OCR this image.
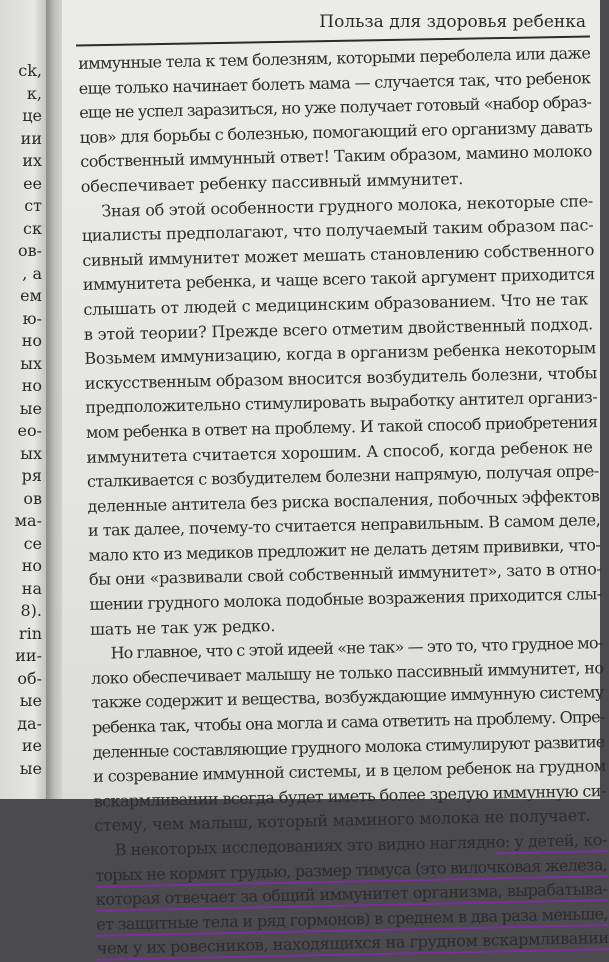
ck,
к,
це
ии
их
ее
ст
ск
ов-
, а
ем
ю-
но
ых
но
ые
ео-
ых
ря
ов
ма-
се
но
на
8).
rin
ии-
об-
ые
да-
ие
ые
Польза для здоровья ребенка
иммунные тела к тем болезням, которыми переболела или даже
еще только начинает болеть мама — случается так, что ребенок
еще не успел заразиться, но уже получает готовый «набор образ-
цов» для борьбы с болезнью, помогающий его организму давать
собственный иммунный ответ! Таким образом, мамино молоко
обеспечивает ребенку пассивный иммунитет.
Зная об этой особенности грудного молока, некоторые спе-
циалисты предполагают, что получаемый таким образом пас-
сивный иммунитет может мешать становлению собственного
иммунитета ребенка, и чаще всего такой аргумент приходится
слышать от людей с медицинским образованием. Что не так
в этой теории? Прежде всего отметим двойственный подход.
Возьмем иммунизацию, когда в организм ребенка некоторым
искусственным образом вносится возбудитель болезни, чтобы
предположительно стимулировать выработку антител организ-
мом ребенка в ответ на проблему. И такой способ приобретения
иммунитета считается хорошим. А способ, когда ребенок не
сталкивается с возбудителем болезни напрямую, получая опре-
деленные антитела без риска воспаления, побочных эффектов
и так далее, почему-то считается неправильным. В самом деле,
мало кто из медиков предложит не делать детям прививки, что-
бы они «развивали свой собственный иммунитет», зато в отно-
шении грудного молока подобные возражения приходится слы-
шать не так уж редко.
Но главное, что с этой идеей «не так» — это то, что грудное мо-
локо обеспечивает малышу не только пассивный иммунитет, но
также содержит и вещества, возбуждающие иммунную систему
ребенка так, чтобы она могла и сама ответить на проблему. Опре-
деленные составляющие грудного молока стимулируют развитие
и созревание иммунной системы, и в целом ребенок на грудном
вскармливании всегда будет иметь более зрелую иммунную си-
стему, чем малыш, который маминого молока не получает.
В некоторых исследованиях это видно наглядно: у детей, ко-
торых не кормят грудью, размер тимуса (это вилочковая железа,
которая отвечает за общий иммунитет организма, вырабатыва-
ет защитные тела и ряд гормонов) в среднем в два раза меньше,
чем у их ровесников, находящихся на грудном вскармливании
